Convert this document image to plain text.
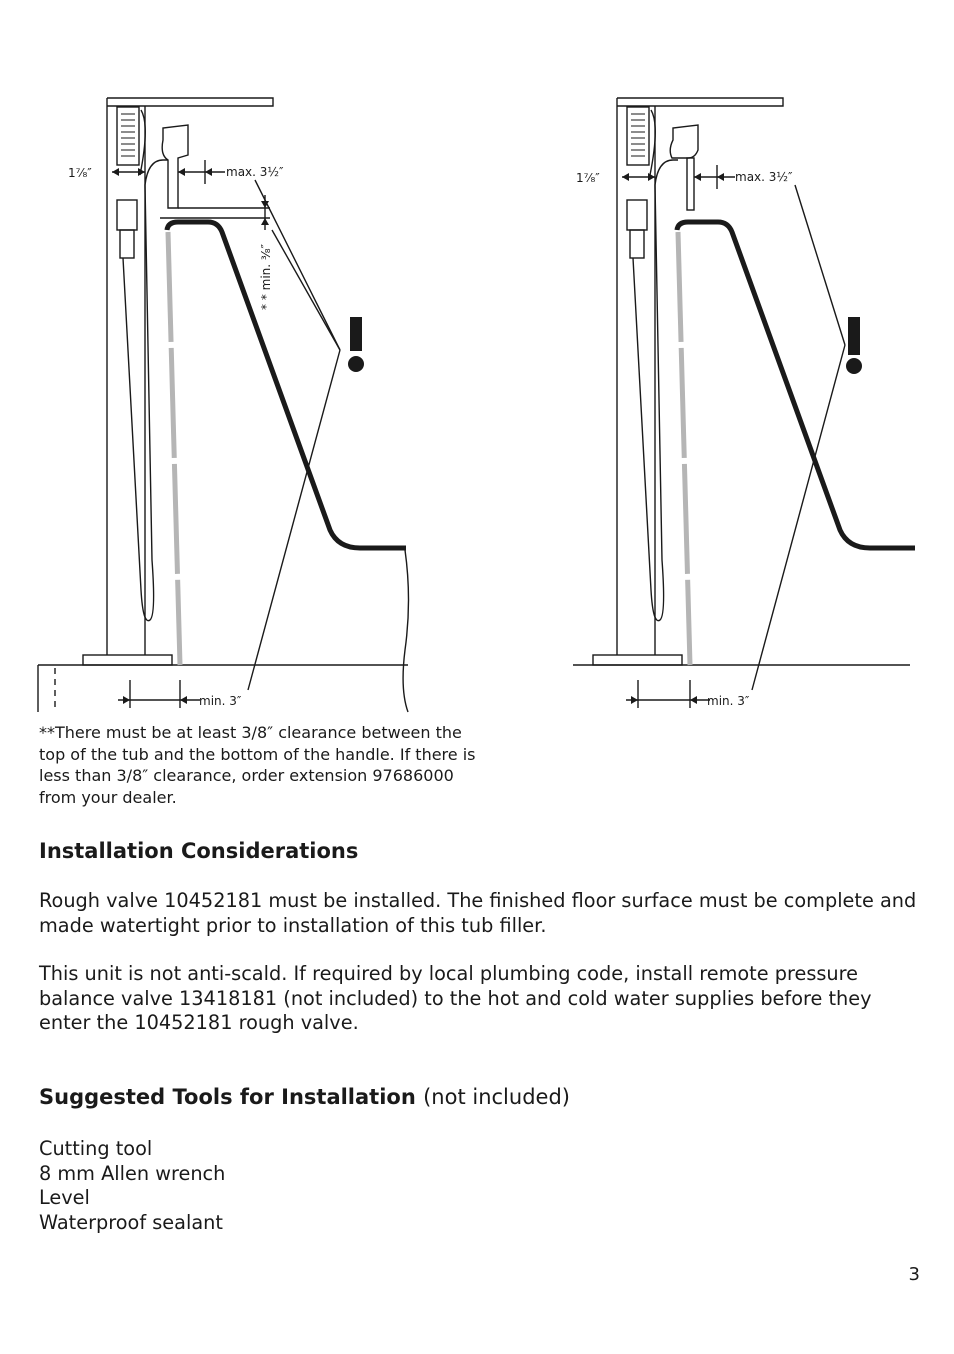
1⁷⁄₈″	max. 3½″
* * min. ³⁄₈″
min. 3″
1⁷⁄₈″	max. 3½″
min. 3″

**There must be at least 3/8″ clearance between the top of the tub and the bottom of the handle. If there is less than 3/8″ clearance, order extension 97686000 from your dealer.

Installation Considerations

Rough valve 10452181 must be installed. The finished floor surface must be complete and made watertight prior to installation of this tub filler.

This unit is not anti-scald. If required by local plumbing code, install remote pressure balance valve 13418181 (not included) to the hot and cold water supplies before they enter the 10452181 rough valve.

Suggested Tools for Installation (not included)
Cutting tool
8 mm Allen wrench
Level
Waterproof sealant

3
